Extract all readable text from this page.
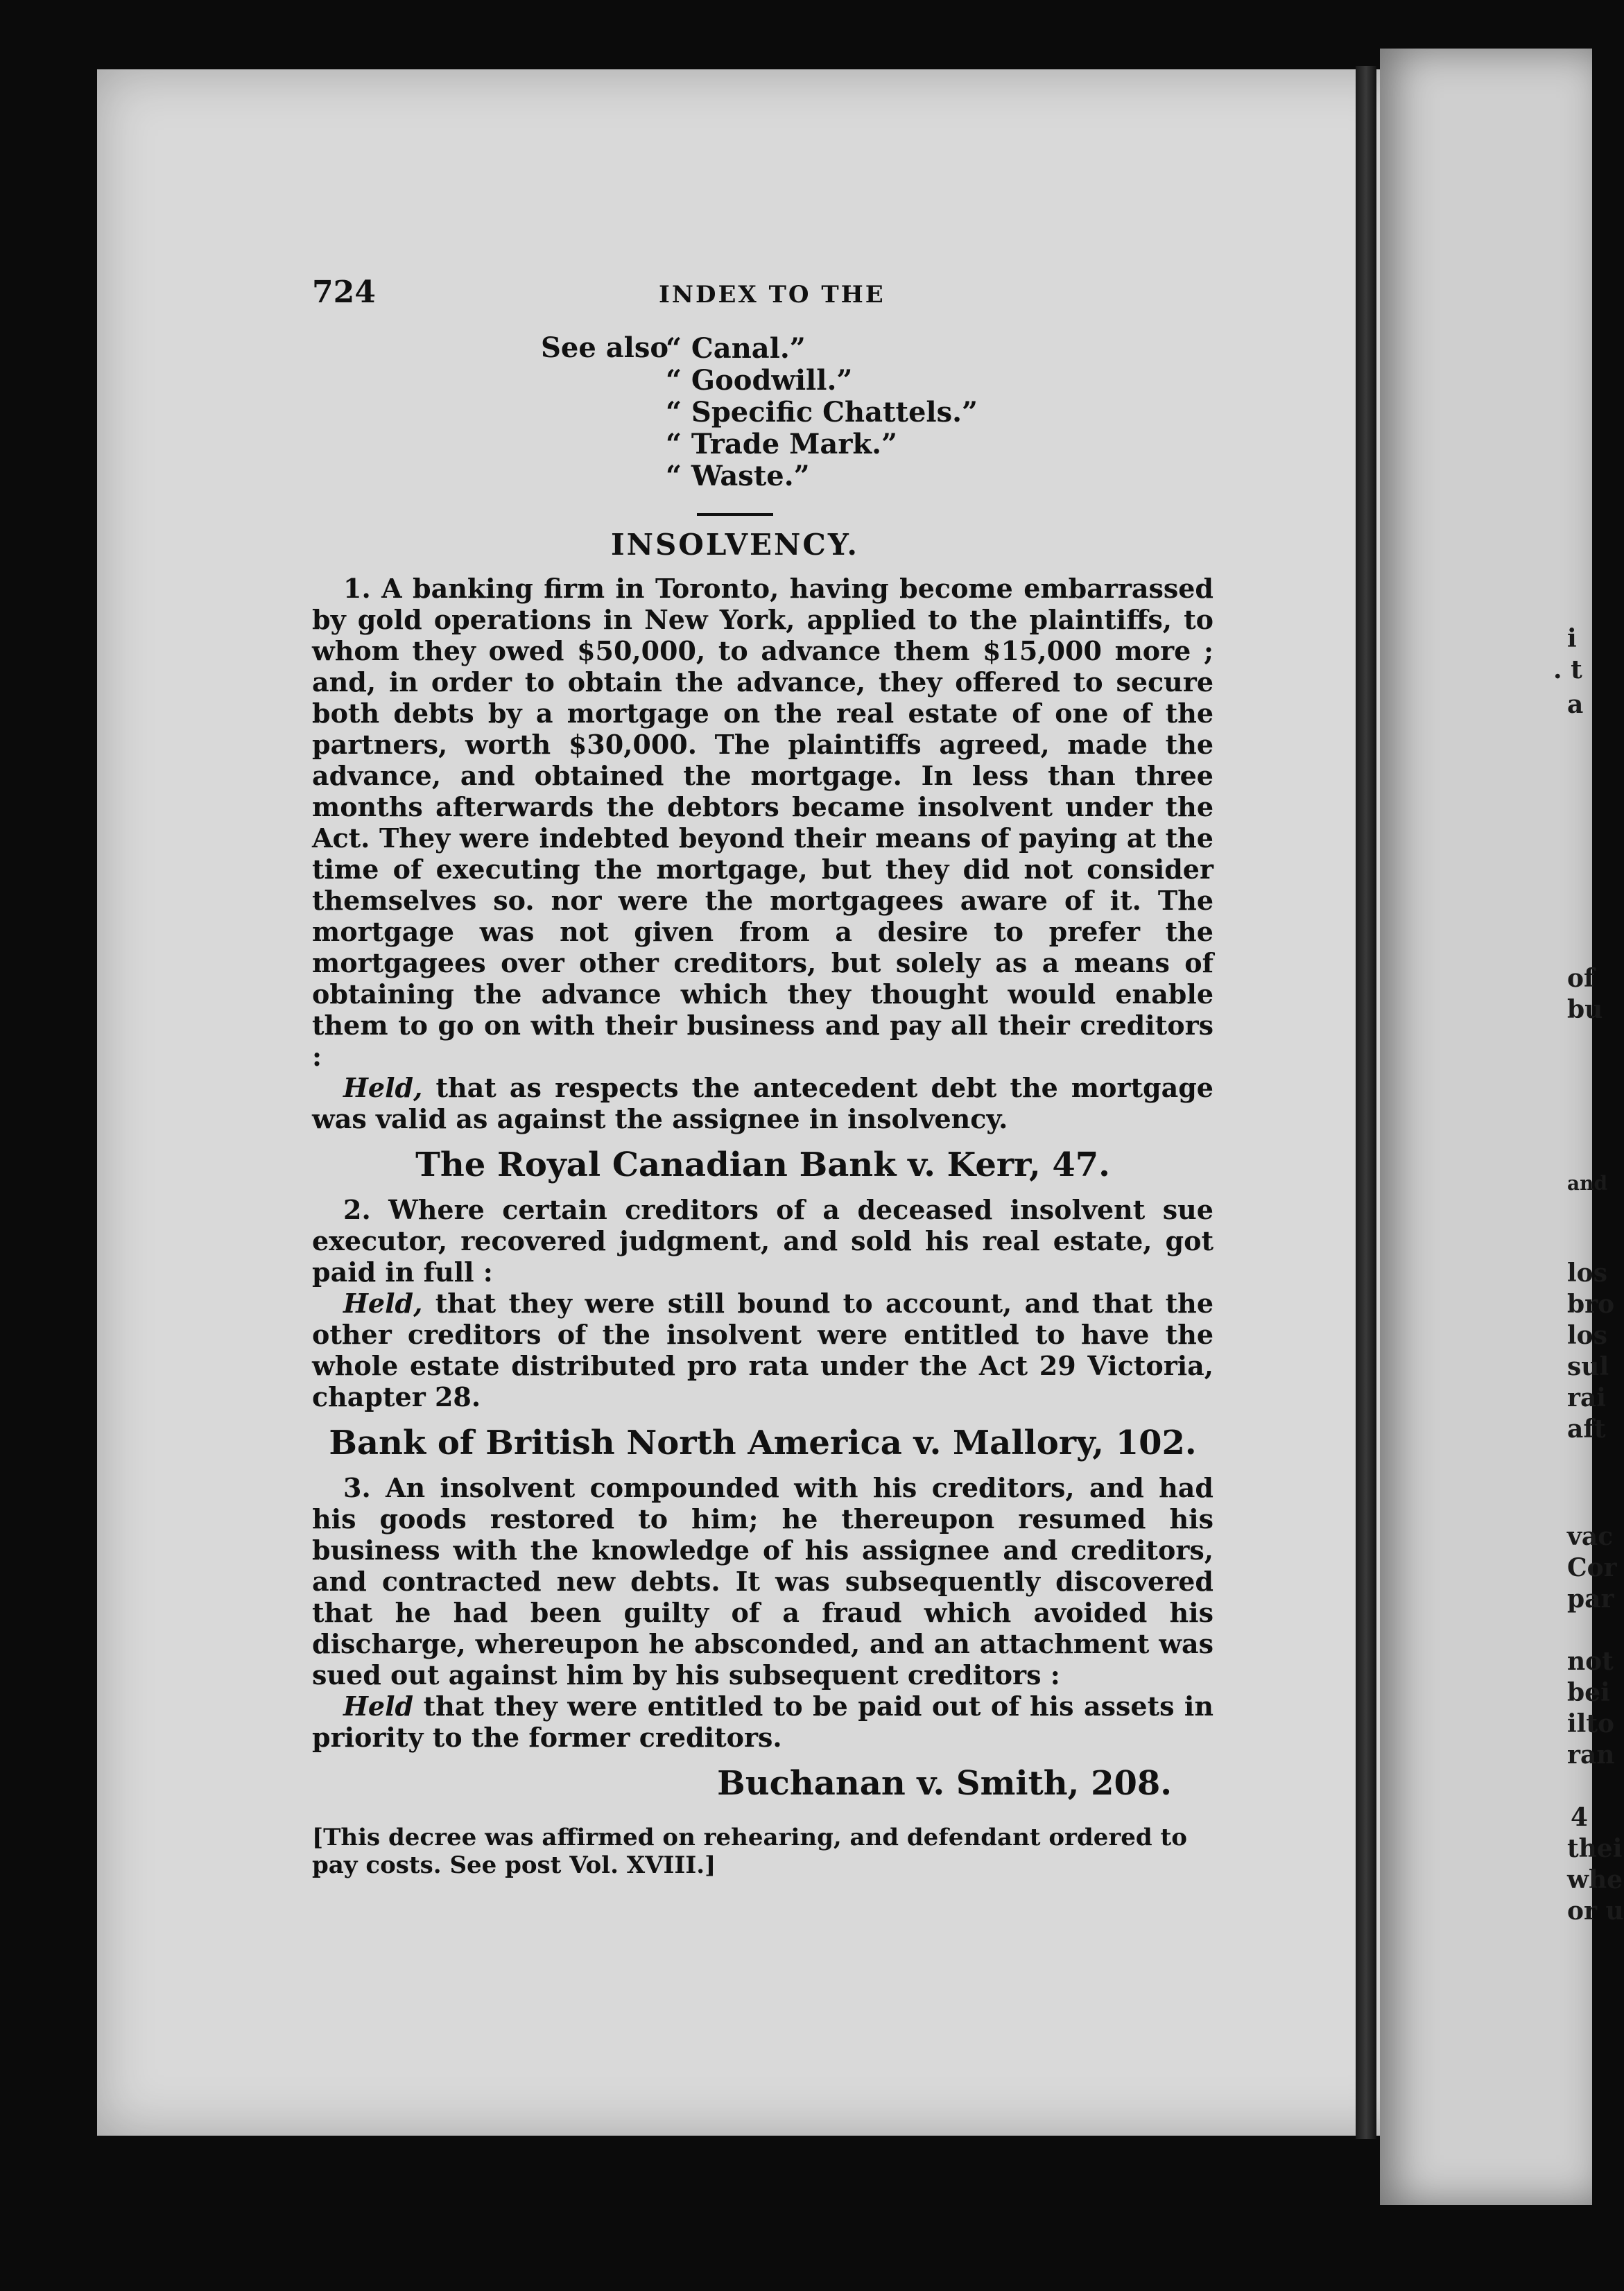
i
. t
a
of
bu
and
los
bro
los
sul
rai
aft
vac
Cor
par
not
bei
ilto
ran
4
thei
whe
or u
724	INDEX TO THE
See also
“ Canal.”
“ Goodwill.”
“ Specific Chattels.”
“ Trade Mark.”
“ Waste.”
INSOLVENCY.

1. A banking firm in Toronto, having become embarrassed by gold operations in New York, applied to the plaintiffs, to whom they owed $50,000, to advance them $15,000 more ; and, in order to obtain the advance, they offered to secure both debts by a mortgage on the real estate of one of the partners, worth $30,000. The plaintiffs agreed, made the advance, and obtained the mortgage. In less than three months afterwards the debtors became insolvent under the Act. They were indebted beyond their means of paying at the time of executing the mortgage, but they did not consider themselves so. nor were the mortgagees aware of it. The mortgage was not given from a desire to prefer the mortgagees over other creditors, but solely as a means of obtaining the advance which they thought would enable them to go on with their business and pay all their creditors :

Held, that as respects the antecedent debt the mortgage was valid as against the assignee in insolvency.

The Royal Canadian Bank v. Kerr, 47.

2. Where certain creditors of a deceased insolvent sue executor, recovered judgment, and sold his real estate, got paid in full :

Held, that they were still bound to account, and that the other creditors of the insolvent were entitled to have the whole estate distributed pro rata under the Act 29 Victoria, chapter 28.

Bank of British North America v. Mallory, 102.

3. An insolvent compounded with his creditors, and had his goods restored to him; he thereupon resumed his business with the knowledge of his assignee and creditors, and contracted new debts. It was subsequently discovered that he had been guilty of a fraud which avoided his discharge, whereupon he absconded, and an attachment was sued out against him by his subsequent creditors :

Held that they were entitled to be paid out of his assets in priority to the former creditors.

Buchanan v. Smith, 208.
[This decree was affirmed on rehearing, and defendant ordered to pay costs. See post Vol. XVIII.]
